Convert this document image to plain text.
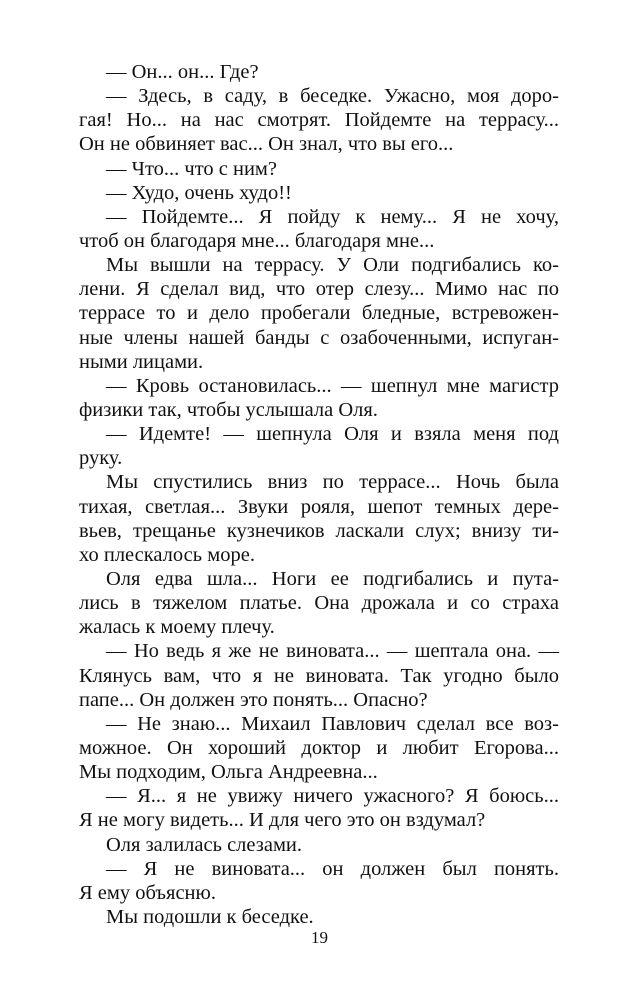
— Он... он... Где?
— Здесь, в саду, в беседке. Ужасно, моя доро-
гая! Но... на нас смотрят. Пойдемте на террасу...
Он не обвиняет вас... Он знал, что вы его...
— Что... что с ним?
— Худо, очень худо!!
— Пойдемте... Я пойду к нему... Я не хочу,
чтоб он благодаря мне... благодаря мне...
Мы вышли на террасу. У Оли подгибались ко-
лени. Я сделал вид, что отер слезу... Мимо нас по
террасе то и дело пробегали бледные, встревожен-
ные члены нашей банды с озабоченными, испуган-
ными лицами.
— Кровь остановилась... — шепнул мне магистр
физики так, чтобы услышала Оля.
— Идемте! — шепнула Оля и взяла меня под
руку.
Мы спустились вниз по террасе... Ночь была
тихая, светлая... Звуки рояля, шепот темных дере-
вьев, трещанье кузнечиков ласкали слух; внизу ти-
хо плескалось море.
Оля едва шла... Ноги ее подгибались и пута-
лись в тяжелом платье. Она дрожала и со страха
жалась к моему плечу.
— Но ведь я же не виновата... — шептала она. —
Клянусь вам, что я не виновата. Так угодно было
папе... Он должен это понять... Опасно?
— Не знаю... Михаил Павлович сделал все воз-
можное. Он хороший доктор и любит Егорова...
Мы подходим, Ольга Андреевна...
— Я... я не увижу ничего ужасного? Я боюсь...
Я не могу видеть... И для чего это он вздумал?
Оля залилась слезами.
— Я не виновата... он должен был понять.
Я ему объясню.
Мы подошли к беседке.
19
